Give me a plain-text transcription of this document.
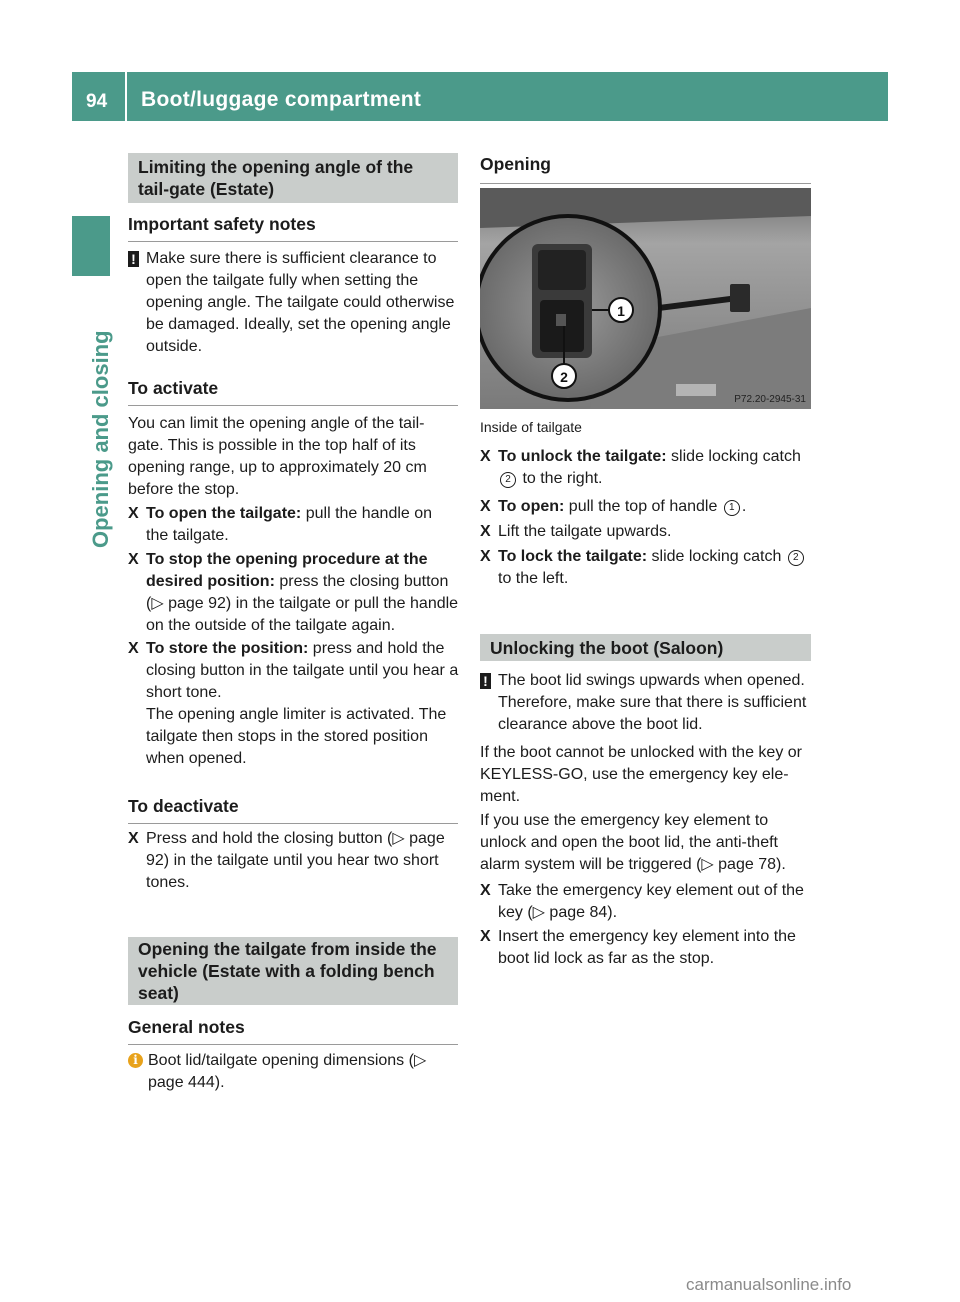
94 Boot/luggage compartment
Opening and closing
Limiting the opening angle of the tail-gate (Estate)
Important safety notes
! Make sure there is sufficient clearance to open the tailgate fully when setting the opening angle. The tailgate could otherwise be damaged. Ideally, set the opening angle outside.
To activate

You can limit the opening angle of the tail-gate. This is possible in the top half of its opening range, up to approximately 20 cm before the stop.

X To open the tailgate: pull the handle on the tailgate.
X To stop the opening procedure at the desired position: press the closing button (▷ page 92) in the tailgate or pull the handle on the outside of the tailgate again.
X To store the position: press and hold the closing button in the tailgate until you hear a short tone.
The opening angle limiter is activated. The tailgate then stops in the stored position when opened.
To deactivate
X Press and hold the closing button (▷ page 92) in the tailgate until you hear two short tones.
Opening the tailgate from inside the vehicle (Estate with a folding bench seat)
General notes
i Boot lid/tailgate opening dimensions (▷ page 444).
Opening
1
2
P72.20-2945-31
Inside of tailgate
X To unlock the tailgate: slide locking catch 2 to the right.
X To open: pull the top of handle 1 .
X Lift the tailgate upwards.
X To lock the tailgate: slide locking catch 2 to the left.
Unlocking the boot (Saloon)
! The boot lid swings upwards when opened. Therefore, make sure that there is sufficient clearance above the boot lid.

If the boot cannot be unlocked with the key or KEYLESS-GO, use the emergency key ele-ment.

If you use the emergency key element to unlock and open the boot lid, the anti-theft alarm system will be triggered (▷ page 78).

X Take the emergency key element out of the key (▷ page 84).
X Insert the emergency key element into the boot lid lock as far as the stop.
carmanualsonline.info
